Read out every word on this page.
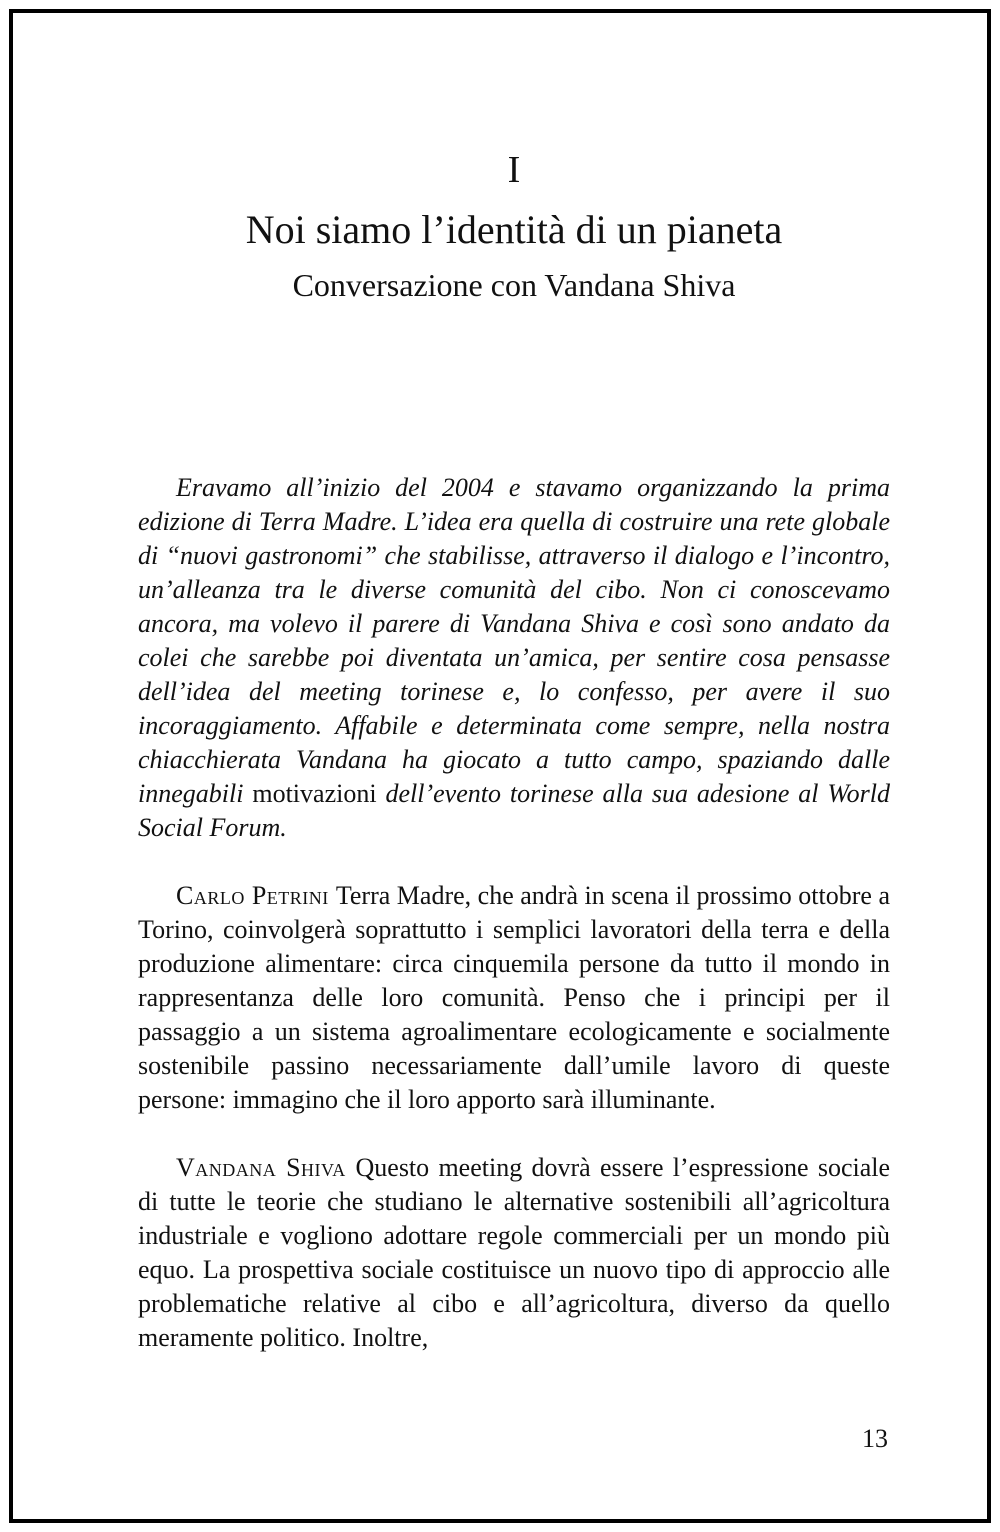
I
Noi siamo l’identità di un pianeta
Conversazione con Vandana Shiva

Eravamo all’inizio del 2004 e stavamo organizzando la prima edizione di Terra Madre. L’idea era quella di costruire una rete globale di “nuovi gastronomi” che stabilisse, attraverso il dialogo e l’incontro, un’alleanza tra le diverse comunità del cibo. Non ci conoscevamo ancora, ma volevo il parere di Vandana Shiva e così sono andato da colei che sarebbe poi diventata un’amica, per sentire cosa pensasse dell’idea del meeting torinese e, lo confesso, per avere il suo incoraggiamento. Affabile e determinata come sempre, nella nostra chiacchierata Vandana ha giocato a tutto campo, spaziando dalle innegabili motivazioni dell’evento torinese alla sua adesione al World Social Forum.

Carlo Petrini Terra Madre, che andrà in scena il prossimo ottobre a Torino, coinvolgerà soprattutto i semplici lavoratori della terra e della produzione alimentare: circa cinquemila persone da tutto il mondo in rappresentanza delle loro comunità. Penso che i principi per il passaggio a un sistema agroalimentare ecologicamente e socialmente sostenibile passino necessariamente dall’umile lavoro di queste persone: immagino che il loro apporto sarà illuminante.

Vandana Shiva Questo meeting dovrà essere l’espressione sociale di tutte le teorie che studiano le alternative sostenibili all’agricoltura industriale e vogliono adottare regole commerciali per un mondo più equo. La prospettiva sociale costituisce un nuovo tipo di approccio alle problematiche relative al cibo e all’agricoltura, diverso da quello meramente politico. Inoltre,

13
